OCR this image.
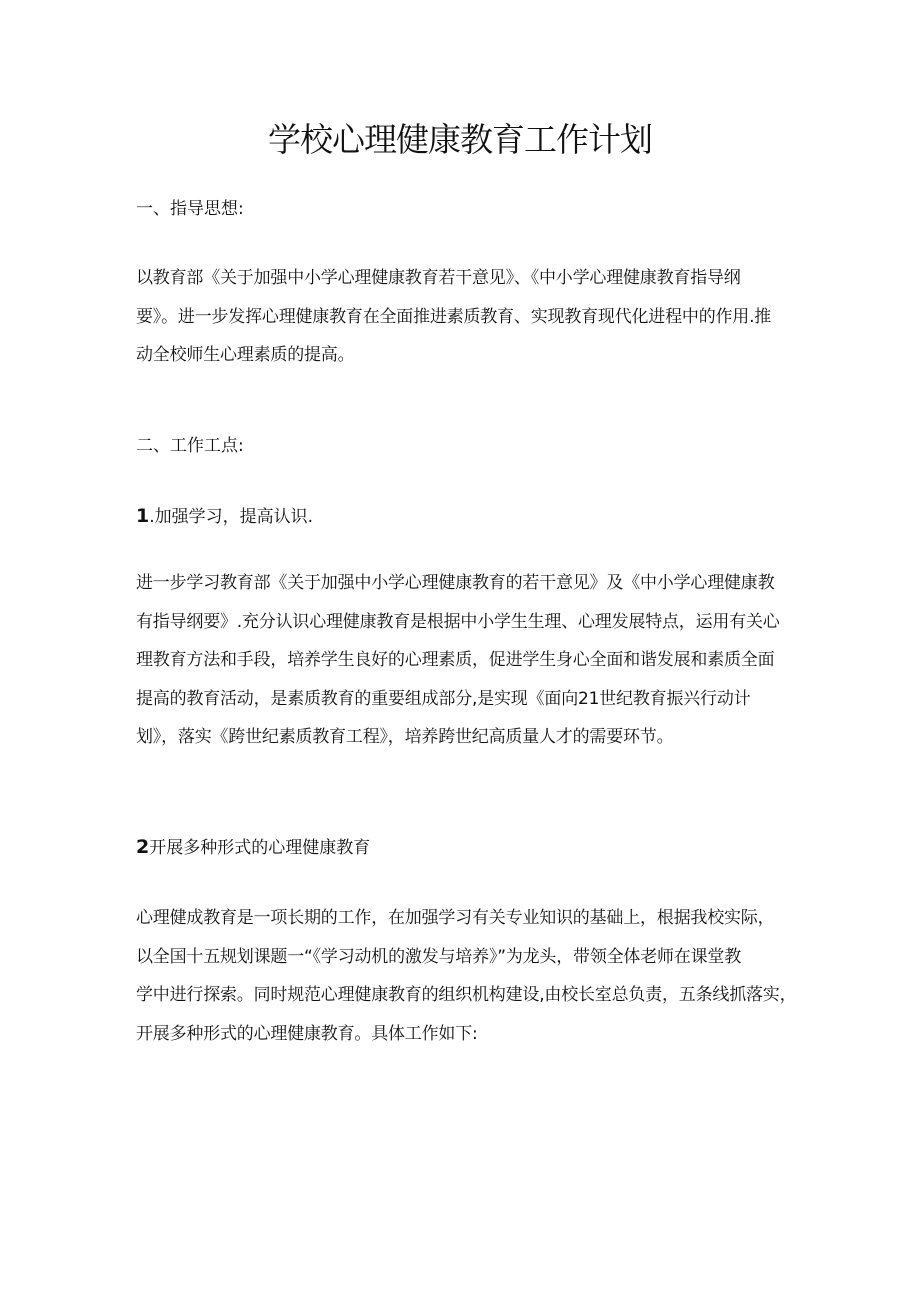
学校心理健康教育工作计划

一、指导思想:

以教育部《关于加强中小学心理健康教育若干意见》、《中小学心理健康教育指导纲
要》。进一步发挥心理健康教育在全面推进素质教育、实现教育现代化进程中的作用.推
动全校师生心理素质的提高。

二、工作工点:

1.加强学习，提高认识.

进一步学习教育部《关于加强中小学心理健康教育的若干意见》及《中小学心理健康教
有指导纲要》.充分认识心理健康教育是根据中小学生生理、心理发展特点，运用有关心
理教育方法和手段，培养学生良好的心理素质，促进学生身心全面和谐发展和素质全面
提高的教育活动，是素质教育的重要组成部分,是实现《面向21世纪教育振兴行动计
划》，落实《跨世纪素质教育工程》，培养跨世纪高质量人才的需要环节。

2开展多种形式的心理健康教育

心理健成教育是一项长期的工作，在加强学习有关专业知识的基础上，根据我校实际，
以全国十五规划课题一“《学习动机的激发与培养》”为龙头，带领全体老师在课堂教
学中进行探索。同时规范心理健康教育的组织机构建设,由校长室总负责，五条线抓落实，
开展多种形式的心理健康教育。具体工作如下:
